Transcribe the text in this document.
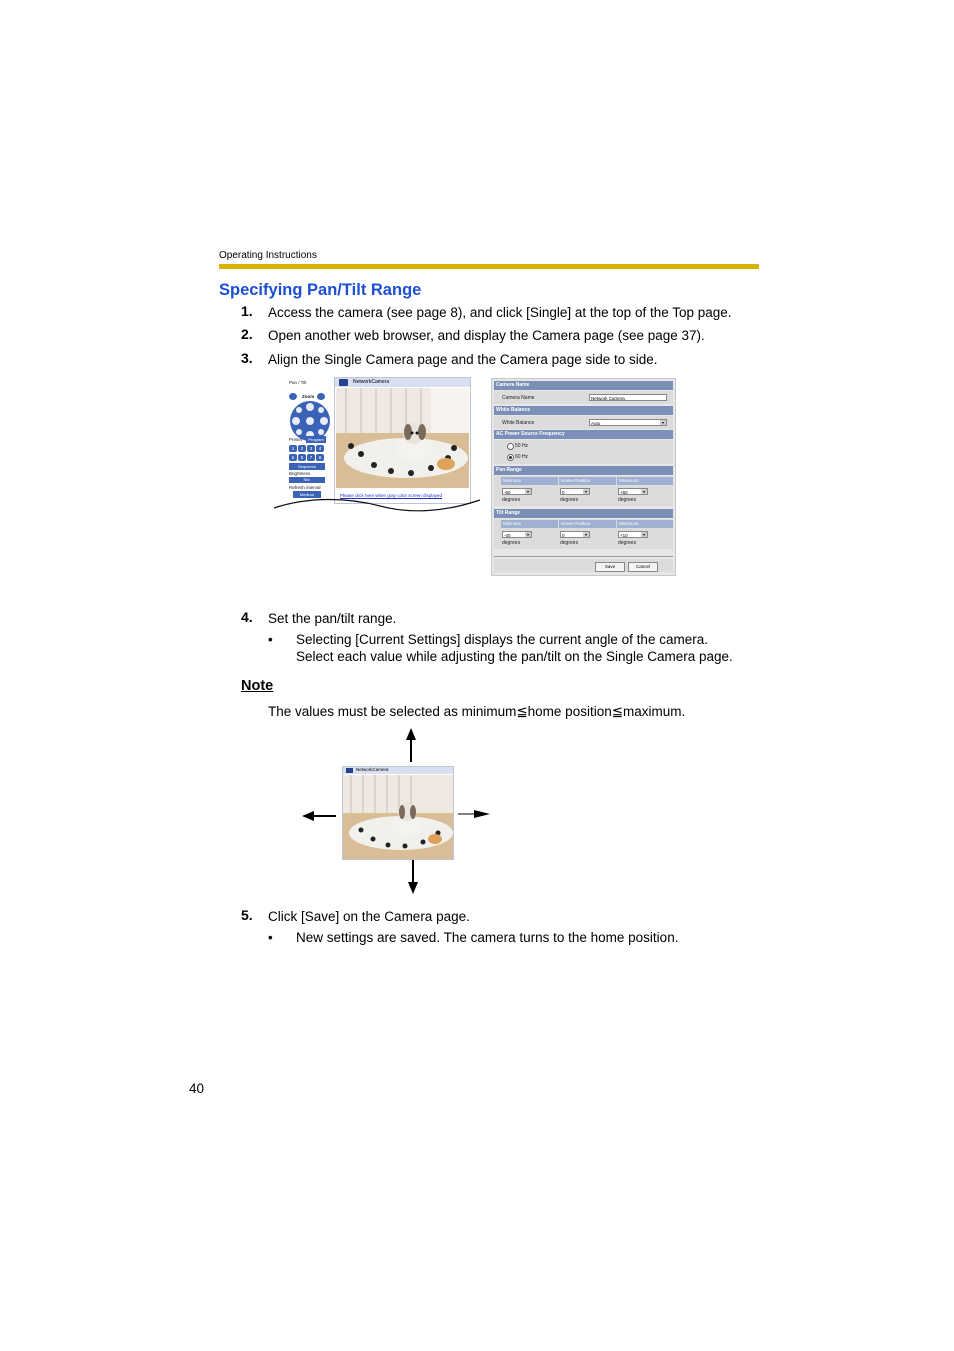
Operating Instructions
Specifying Pan/Tilt Range
1. Access the camera (see page 8), and click [Single] at the top of the Top page.
2. Open another web browser, and display the Camera page (see page 37).
3. Align the Single Camera page and the Camera page side to side.
Pan / Tilt
Zoom
Preset	Program
1	2	3	4
5	6	7	8
Sequence
Brightness
Std.
Refresh interval
Medium
NetworkCamera
Please click here when gray color screen displayed
Camera Name
Camera Name	Network Camera
White Balance
White Balance	Auto	▾
AC Power Source Frequency
50 Hz
60 Hz
Pan Range
Minimum	Home Position	Maximum
-60	▾	0	▾	+60	▾
degrees	degrees	degrees
Tilt Range
Minimum	Home Position	Maximum
-40	▾	0	▾	+10	▾
degrees	degrees	degrees
Save	Cancel
4. Set the pan/tilt range.
• Selecting [Current Settings] displays the current angle of the camera.
Select each value while adjusting the pan/tilt on the Single Camera page.
Note
The values must be selected as minimum≦home position≦maximum.
NetworkCamera
5. Click [Save] on the Camera page.
• New settings are saved. The camera turns to the home position.
40
